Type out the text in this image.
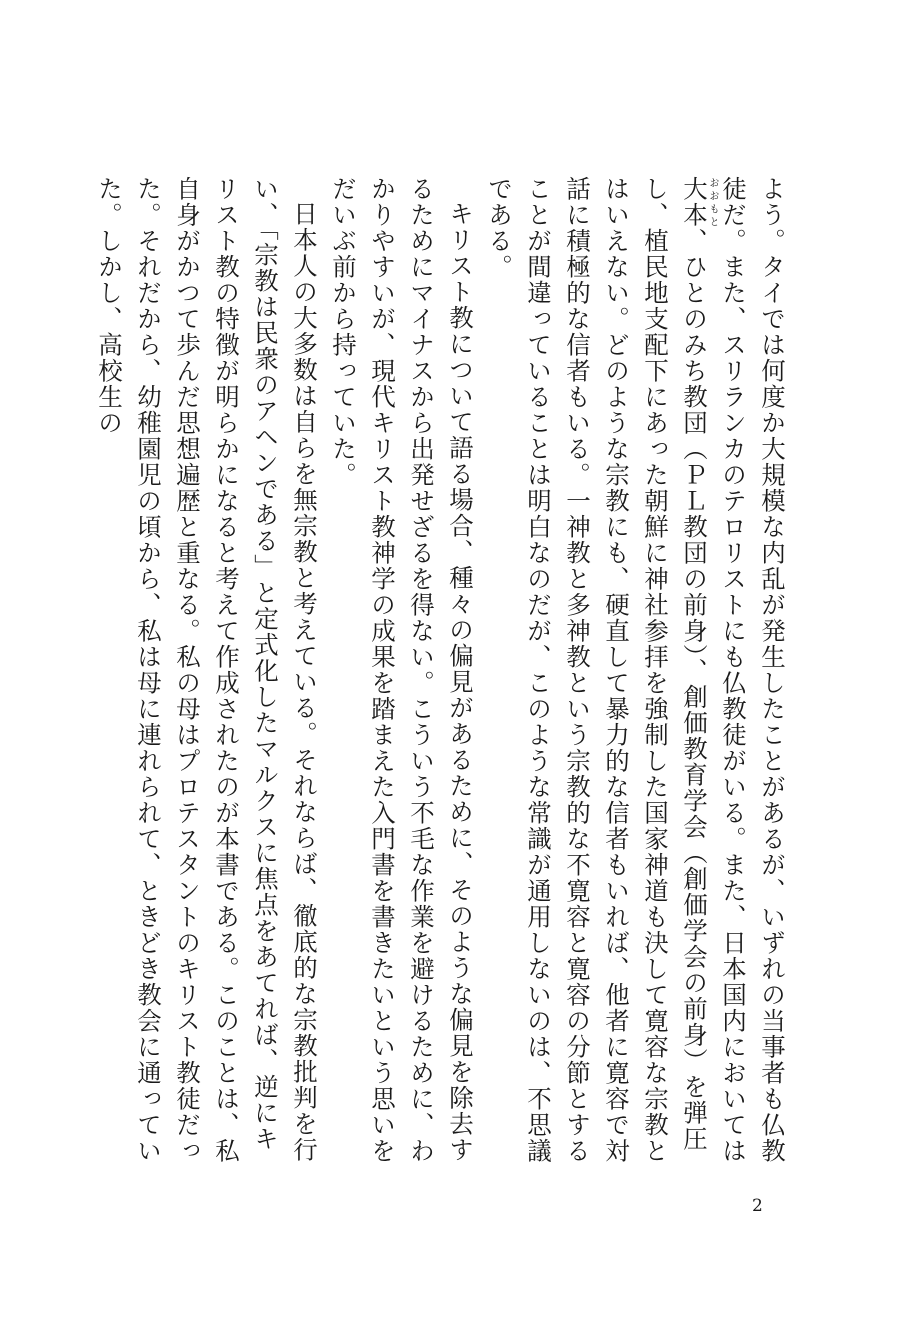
よう。タイでは何度か大規模な内乱が発生したことがあるが、いずれの当事者も仏教徒だ。また、スリランカのテロリストにも仏教徒がいる。また、日本国内においては大本おおもと、ひとのみち教団（ＰＬ教団の前身）、創価教育学会（創価学会の前身）を弾圧し、植民地支配下にあった朝鮮に神社参拝を強制した国家神道も決して寛容な宗教とはいえない。どのような宗教にも、硬直して暴力的な信者もいれば、他者に寛容で対話に積極的な信者もいる。一神教と多神教という宗教的な不寛容と寛容の分節とすることが間違っていることは明白なのだが、このような常識が通用しないのは、不思議である。

キリスト教について語る場合、種々の偏見があるために、そのような偏見を除去するためにマイナスから出発せざるを得ない。こういう不毛な作業を避けるために、わかりやすいが、現代キリスト教神学の成果を踏まえた入門書を書きたいという思いをだいぶ前から持っていた。

日本人の大多数は自らを無宗教と考えている。それならば、徹底的な宗教批判を行い、「宗教は民衆のアヘンである」と定式化したマルクスに焦点をあてれば、逆にキリスト教の特徴が明らかになると考えて作成されたのが本書である。このことは、私自身がかつて歩んだ思想遍歴と重なる。私の母はプロテスタントのキリスト教徒だった。それだから、幼稚園児の頃から、私は母に連れられて、ときどき教会に通っていた。しかし、高校生の

2
